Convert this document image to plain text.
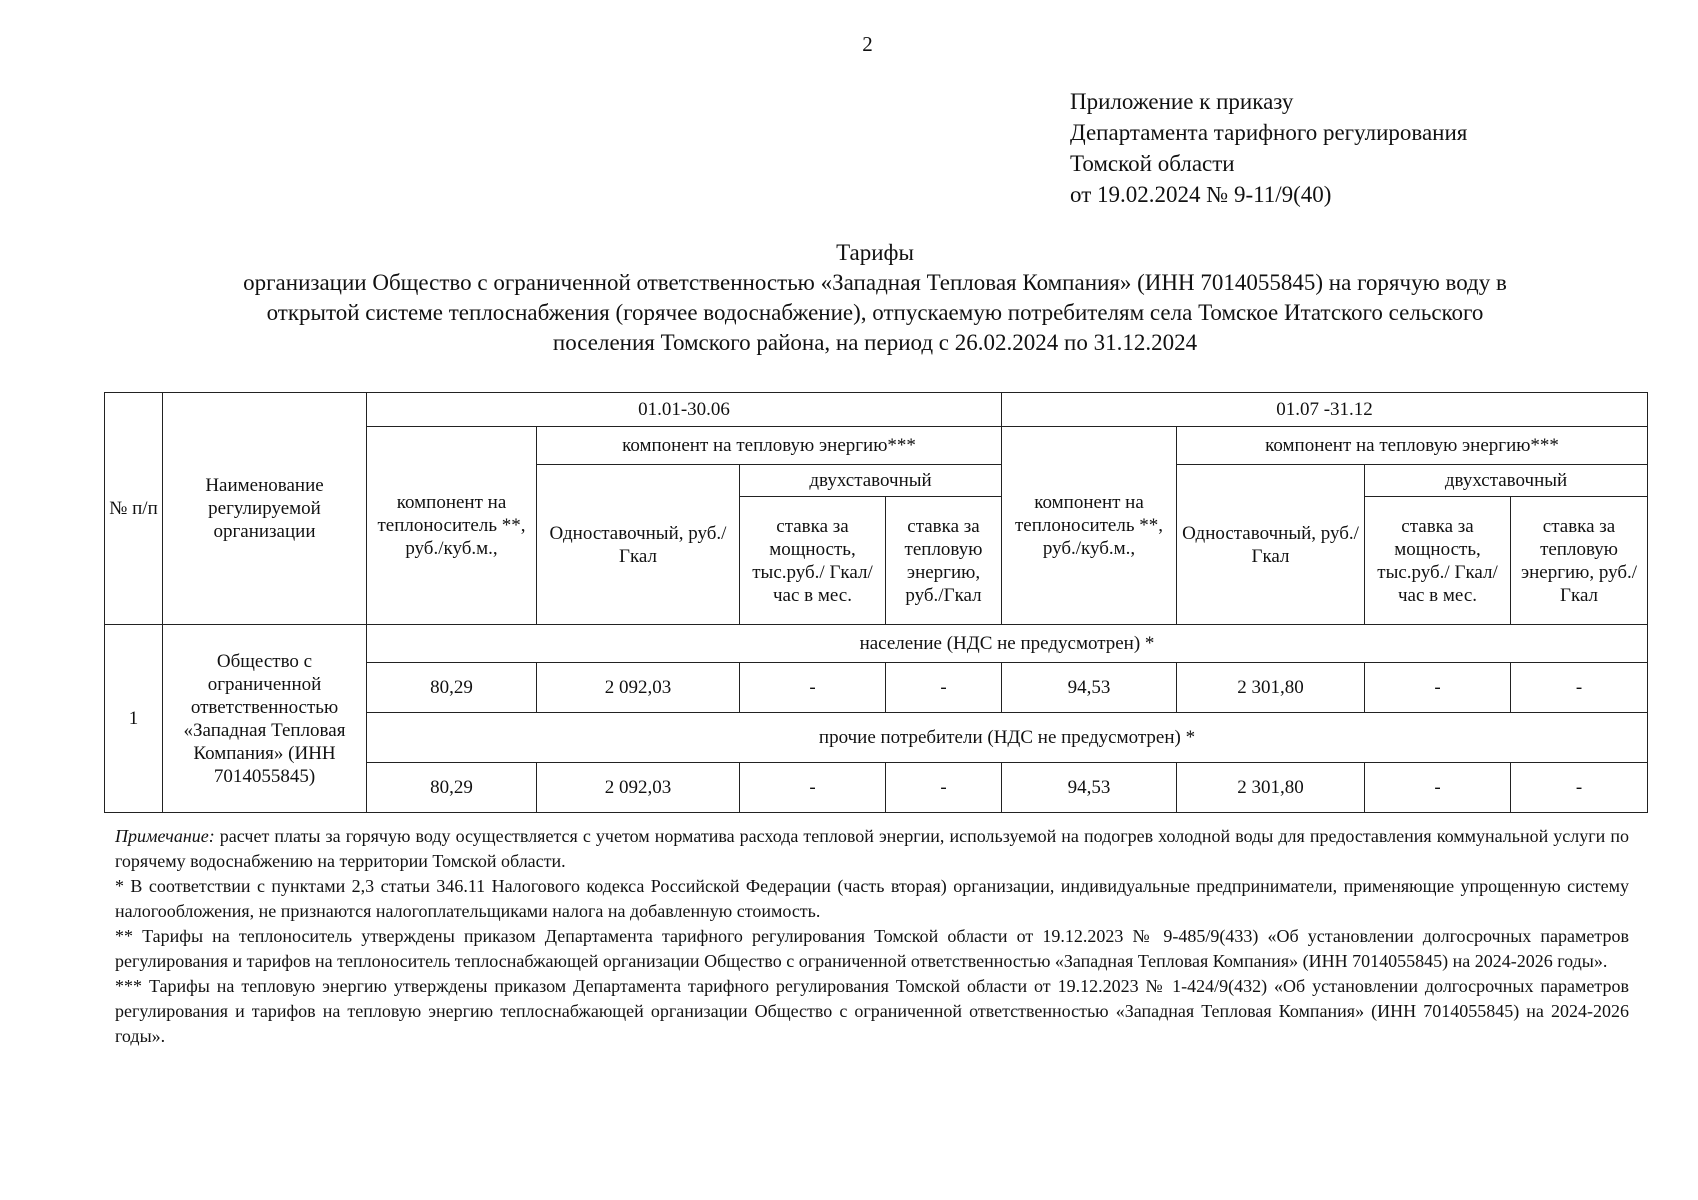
2
Приложение к приказу
Департамента тарифного регулирования
Томской области
от 19.02.2024 № 9-11/9(40)
Тарифы
организации Общество с ограниченной ответственностью «Западная Тепловая Компания» (ИНН 7014055845) на горячую воду в
открытой системе теплоснабжения (горячее водоснабжение), отпускаемую потребителям села Томское Итатского сельского
поселения Томского района, на период с 26.02.2024 по 31.12.2024
№ п/п	Наименование регулируемой организации	01.01-30.06				01.07 -31.12			
		компонент на теплоноситель **, руб./куб.м.,	компонент на тепловую энергию***			компонент на теплоноситель **, руб./куб.м.,	компонент на тепловую энергию***		
			Одноставочный, руб./Гкал	двухставочный			Одноставочный, руб./Гкал	двухставочный	
				ставка за мощность, тыс.руб./ Гкал/час в мес.	ставка за тепловую энергию, руб./Гкал			ставка за мощность, тыс.руб./ Гкал/час в мес.	ставка за тепловую энергию, руб./Гкал
1	Общество с ограниченной ответственностью «Западная Тепловая Компания» (ИНН 7014055845)	население (НДС не предусмотрен) *							
		80,29	2 092,03	-	-	94,53	2 301,80	-	-
		прочие потребители (НДС не предусмотрен) *							
		80,29	2 092,03	-	-	94,53	2 301,80	-	-

Примечание: расчет платы за горячую воду осуществляется с учетом норматива расхода тепловой энергии, используемой на подогрев холодной воды для предоставления коммунальной услуги по горячему водоснабжению на территории Томской области.

* В соответствии с пунктами 2,3 статьи 346.11 Налогового кодекса Российской Федерации (часть вторая) организации, индивидуальные предприниматели, применяющие упрощенную систему налогообложения, не признаются налогоплательщиками налога на добавленную стоимость.

** Тарифы на теплоноситель утверждены приказом Департамента тарифного регулирования Томской области от 19.12.2023 № 9-485/9(433) «Об установлении долгосрочных параметров регулирования и тарифов на теплоноситель теплоснабжающей организации Общество с ограниченной ответственностью «Западная Тепловая Компания» (ИНН 7014055845) на 2024-2026 годы».

*** Тарифы на тепловую энергию утверждены приказом Департамента тарифного регулирования Томской области от 19.12.2023 № 1-424/9(432) «Об установлении долгосрочных параметров регулирования и тарифов на тепловую энергию теплоснабжающей организации Общество с ограниченной ответственностью «Западная Тепловая Компания» (ИНН 7014055845) на 2024-2026 годы».
